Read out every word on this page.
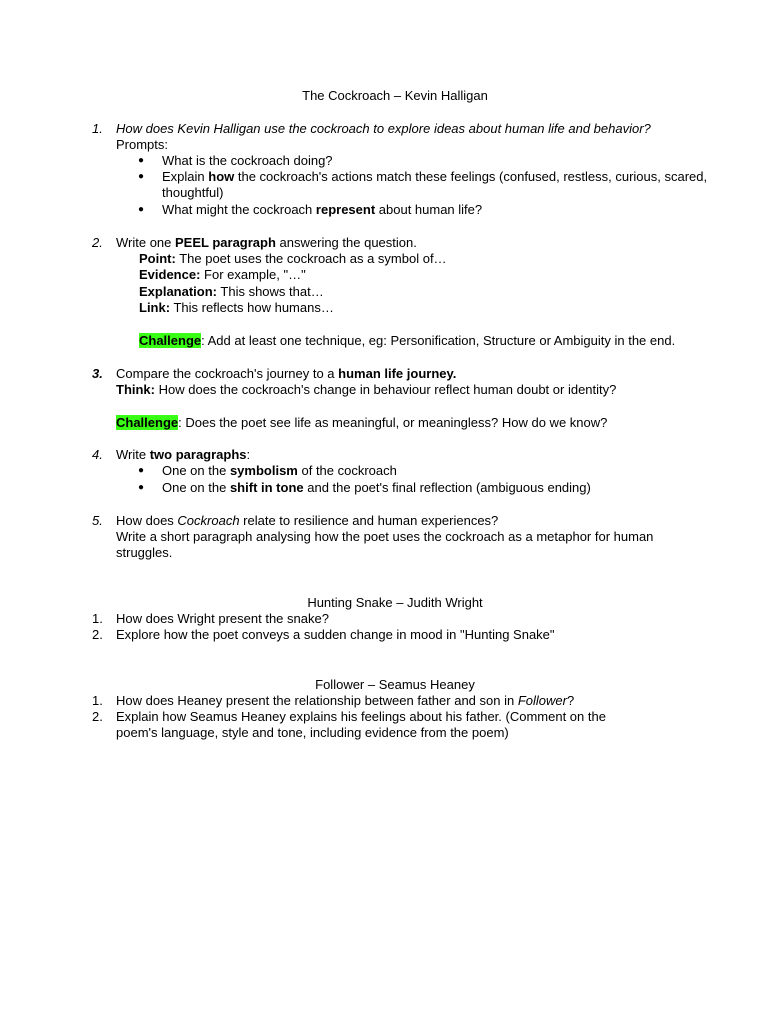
The Cockroach – Kevin Halligan
1. How does Kevin Halligan use the cockroach to explore ideas about human life and behavior?
Prompts:
● What is the cockroach doing?
● Explain how the cockroach's actions match these feelings (confused, restless, curious, scared, thoughtful)

● What might the cockroach represent about human life?
2. Write one PEEL paragraph answering the question.
Point: The poet uses the cockroach as a symbol of…
Evidence: For example, "…"
Explanation: This shows that…
Link: This reflects how humans…
Challenge: Add at least one technique, eg: Personification, Structure or Ambiguity in the end.
3. Compare the cockroach's journey to a human life journey.
Think: How does the cockroach's change in behaviour reflect human doubt or identity?
Challenge: Does the poet see life as meaningful, or meaningless? How do we know?
4. Write two paragraphs:
● One on the symbolism of the cockroach
● One on the shift in tone and the poet's final reflection (ambiguous ending)
5. How does Cockroach relate to resilience and human experiences?

Write a short paragraph analysing how the poet uses the cockroach as a metaphor for human struggles.

Hunting Snake – Judith Wright
1. How does Wright present the snake?
2. Explore how the poet conveys a sudden change in mood in "Hunting Snake"
Follower – Seamus Heaney
1. How does Heaney present the relationship between father and son in Follower?
2. Explain how Seamus Heaney explains his feelings about his father. (Comment on the poem's language, style and tone, including evidence from the poem)
